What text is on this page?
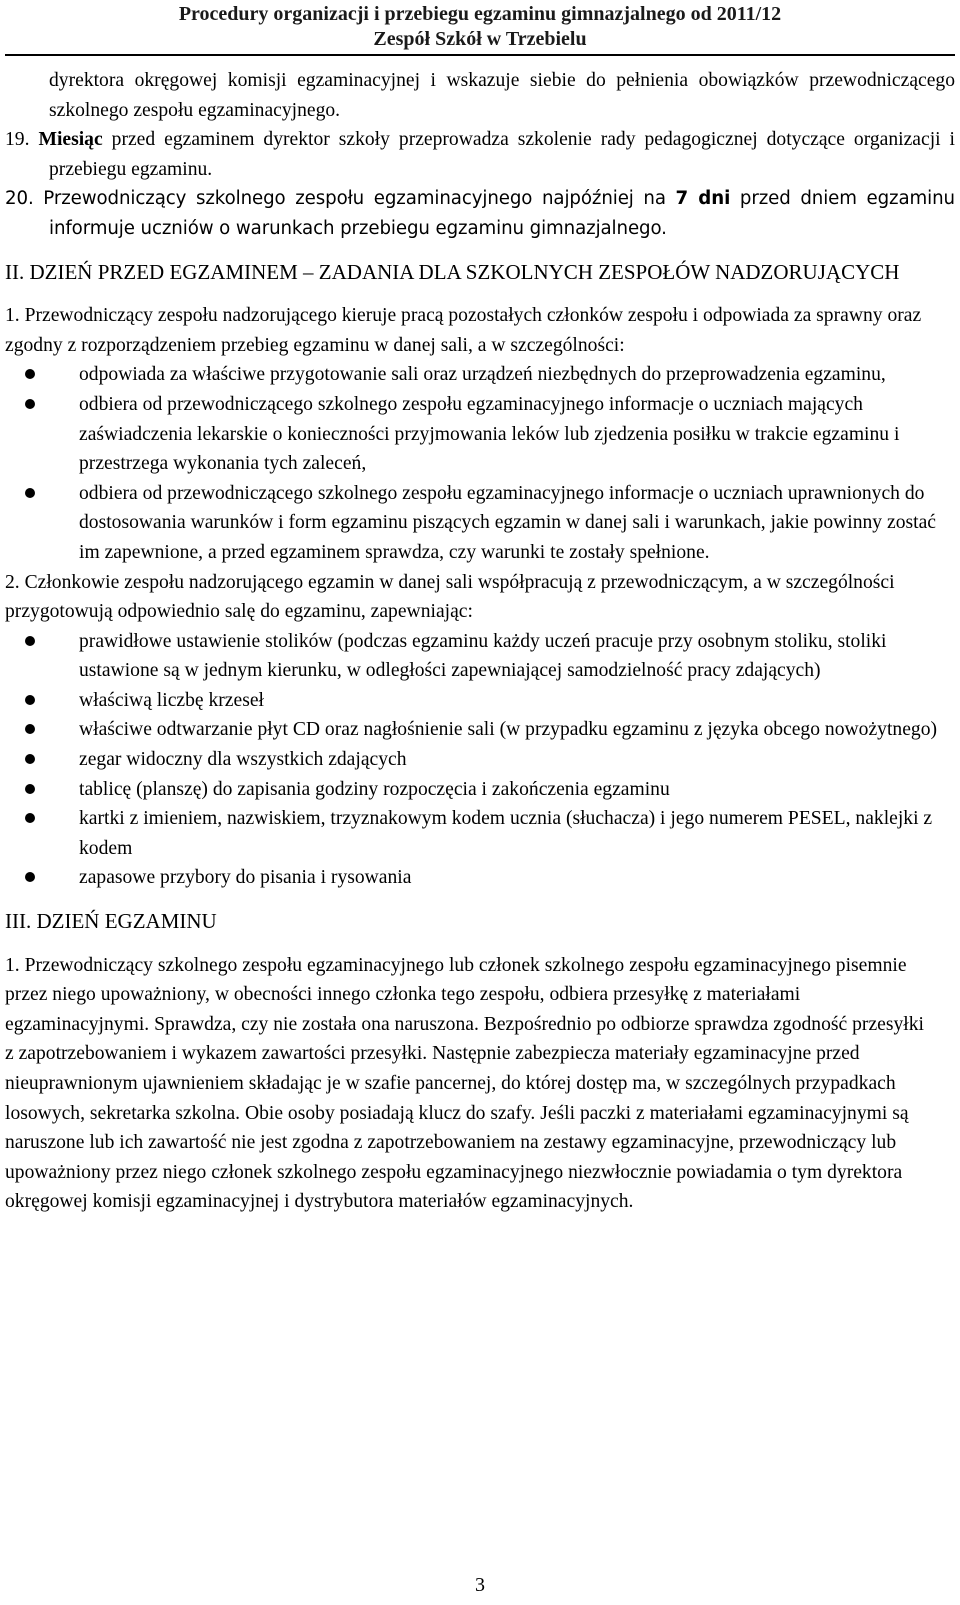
Procedury organizacji i przebiegu egzaminu gimnazjalnego od 2011/12
Zespół Szkół w Trzebielu

dyrektora okręgowej komisji egzaminacyjnej i wskazuje siebie do pełnienia obowiązków przewodniczącego szkolnego zespołu egzaminacyjnego.

19. Miesiąc przed egzaminem dyrektor szkoły przeprowadza szkolenie rady pedagogicznej dotyczące organizacji i przebiegu egzaminu.

20. Przewodniczący szkolnego zespołu egzaminacyjnego najpóźniej na 7 dni przed dniem egzaminu informuje uczniów o warunkach przebiegu egzaminu gimnazjalnego.

II. DZIEŃ PRZED EGZAMINEM – ZADANIA DLA SZKOLNYCH ZESPOŁÓW NADZORUJĄCYCH

1. Przewodniczący zespołu nadzorującego kieruje pracą pozostałych członków zespołu i odpowiada za sprawny oraz zgodny z rozporządzeniem przebieg egzaminu w danej sali, a w szczególności:

odpowiada za właściwe przygotowanie sali oraz urządzeń niezbędnych do przeprowadzenia egzaminu,
odbiera od przewodniczącego szkolnego zespołu egzaminacyjnego informacje o uczniach mających zaświadczenia lekarskie o konieczności przyjmowania leków lub zjedzenia posiłku w trakcie egzaminu i przestrzega wykonania tych zaleceń,
odbiera od przewodniczącego szkolnego zespołu egzaminacyjnego informacje o uczniach uprawnionych do dostosowania warunków i form egzaminu piszących egzamin w danej sali i warunkach, jakie powinny zostać im zapewnione, a przed egzaminem sprawdza, czy warunki te zostały spełnione.

2. Członkowie zespołu nadzorującego egzamin w danej sali współpracują z przewodniczącym, a w szczególności przygotowują odpowiednio salę do egzaminu, zapewniając:

prawidłowe ustawienie stolików (podczas egzaminu każdy uczeń pracuje przy osobnym stoliku, stoliki ustawione są w jednym kierunku, w odległości zapewniającej samodzielność pracy zdających)
właściwą liczbę krzeseł
właściwe odtwarzanie płyt CD oraz nagłośnienie sali (w przypadku egzaminu z języka obcego nowożytnego)
zegar widoczny dla wszystkich zdających
tablicę (planszę) do zapisania godziny rozpoczęcia i zakończenia egzaminu
kartki z imieniem, nazwiskiem, trzyznakowym kodem ucznia (słuchacza) i jego numerem PESEL, naklejki z kodem
zapasowe przybory do pisania i rysowania

III. DZIEŃ EGZAMINU

1. Przewodniczący szkolnego zespołu egzaminacyjnego lub członek szkolnego zespołu egzaminacyjnego pisemnie przez niego upoważniony, w obecności innego członka tego zespołu, odbiera przesyłkę z materiałami egzaminacyjnymi. Sprawdza, czy nie została ona naruszona. Bezpośrednio po odbiorze sprawdza zgodność przesyłki z zapotrzebowaniem i wykazem zawartości przesyłki. Następnie zabezpiecza materiały egzaminacyjne przed nieuprawnionym ujawnieniem składając je w szafie pancernej, do której dostęp ma, w szczególnych przypadkach losowych, sekretarka szkolna. Obie osoby posiadają klucz do szafy. Jeśli paczki z materiałami egzaminacyjnymi są naruszone lub ich zawartość nie jest zgodna z zapotrzebowaniem na zestawy egzaminacyjne, przewodniczący lub upoważniony przez niego członek szkolnego zespołu egzaminacyjnego niezwłocznie powiadamia o tym dyrektora okręgowej komisji egzaminacyjnej i dystrybutora materiałów egzaminacyjnych.

3
